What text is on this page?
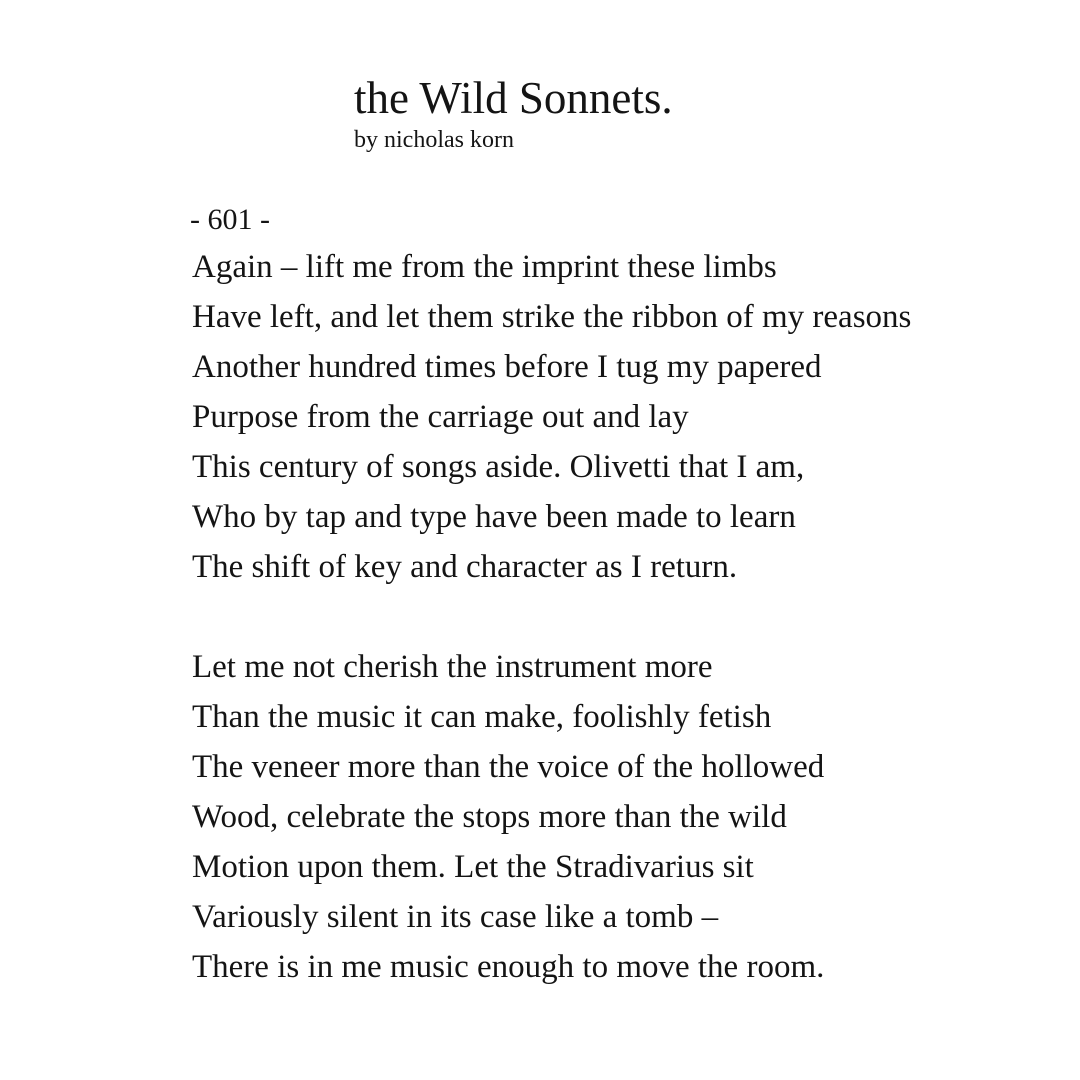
the Wild Sonnets.
by nicholas korn
- 601 -
Again – lift me from the imprint these limbs
Have left, and let them strike the ribbon of my reasons
Another hundred times before I tug my papered
Purpose from the carriage out and lay
This century of songs aside. Olivetti that I am,
Who by tap and type have been made to learn
The shift of key and character as I return.
Let me not cherish the instrument more
Than the music it can make, foolishly fetish
The veneer more than the voice of the hollowed
Wood, celebrate the stops more than the wild
Motion upon them. Let the Stradivarius sit
Variously silent in its case like a tomb –
There is in me music enough to move the room.
